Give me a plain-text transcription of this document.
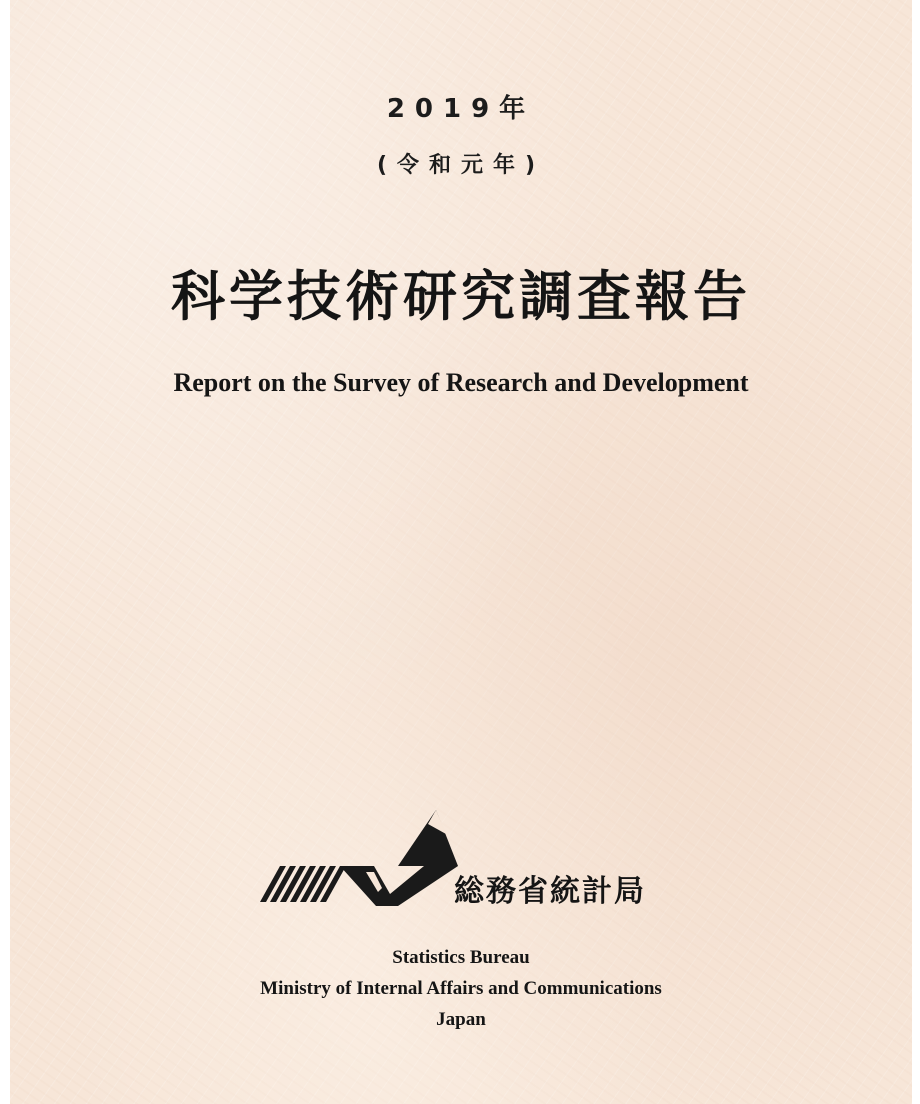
2019年
(令和元年)
科学技術研究調査報告
Report on the Survey of Research and Development
総務省統計局
Statistics Bureau
Ministry of Internal Affairs and Communications
Japan
